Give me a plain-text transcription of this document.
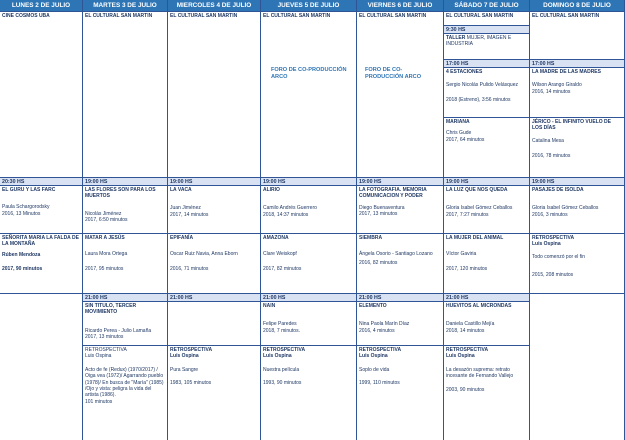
LUNES 2 DE JULIO
CINE COSMOS UBA
20:30 HS
EL GURU Y LAS FARC
Paula Schargorodsky
2016, 13 Minutos
SEÑORITA MARIA LA FALDA DE LA MONTAÑA
Rúben Mendoza
2017, 90 minutos
MARTES 3 DE JULIO
EL CULTURAL SAN MARTIN
19:00 HS
LAS FLORES SON PARA LOS MUERTOS
Nicolás Jiménez
2017, 6:50 minutos
MATAR A JESÚS
Laura Mora Ortega
2017, 95 minutos
21:00 HS
SIN TITULO, TERCER MOVIMIENTO
Ricardo Perea - Julio Lamaña
2017, 13 minutos
RETROSPECTIVA
Luis Ospina
Acto de fe (Redux) (1970/2017) / Oiga vea (1972)/ Agarrando pueblo (1978)/ En busca de "María" (1985) /Ojo y vista: peligra la vida del artista (1986).
101 minutos
MIERCOLES 4 DE JULIO
EL CULTURAL SAN MARTIN
19:00 HS
LA VACA
Juan Jiménez
2017, 14 minutos
EPIFANÍA
Oscar Ruiz Navia, Anna Eborn
2016, 71 minutos
21:00 HS
RETROSPECTIVA
Luis Ospina
Pura Sangre
1983, 105 minutos
JUEVES 5 DE JULIO
EL CULTURAL SAN MARTIN
FORO DE CO-PRODUCCIÓN ARCO
19:00 HS
ALIRIO
Camilo Andrés Guerrero
2018, 14:37 minutos
AMAZONA
Clare Weiskopf
2017, 82 minutos
21:00 HS
NAIN
Felipe Paredes
2018, 7 minutos.
RETROSPECTIVA
Luis Ospina
Nuestra película
1993, 90 minutos
VIERNES 6 DE JULIO
EL CULTURAL SAN MARTIN
FORO DE CO-PRODUCCIÓN ARCO
19:00 HS
LA FOTOGRAFIA. MEMORIA COMUNICACION Y PODER
Diego Buenaventura
2017, 13 minutos
SIEMBRA
Ángela Osorio - Santiago Lozano
2016, 82 minutos
21:00 HS
ELEMENTO
Nina Paola Marín Díaz
2016, 4 minutos
RETROSPECTIVA
Luis Ospina
Soplo de vida
1999, 110 minutos
SÁBADO 7 DE JULIO
EL CULTURAL SAN MARTIN
9:30 HS
TALLER MUJER, IMAGEN E INDUSTRIA
17:00 HS
4 ESTACIONES
Sergio Nicolás Pulido Velásquez
2018 (Estreno), 3:56 minutos
MARIANA
Chris Gude
2017, 64 minutos
19:00 HS
LA LUZ QUE NOS QUEDA
Gloria Isabel Gómez Ceballos
2017, 7:27 minutos
LA MUJER DEL ANIMAL
Víctor Gaviria
2017, 120 minutos
21:00 HS
HUEVITOS AL MICRONDAS
Daniela Castillo Mejía
2018, 14 minutos
RETROSPECTIVA
Luis Ospina
La desazón suprema: retrato incesante de Fernando Vallejo
2003, 90 minutos
DOMINGO 8 DE JULIO
EL CULTURAL SAN MARTIN
17:00 HS
LA MADRE DE LAS MADRES
Wilson Arango Giraldo
2016, 14 minutos
JÉRICO - EL INFINITO VUELO DE LOS DÍAS
Catalina Mesa
2016, 78 minutos
19:00 HS
PASAJES DE ISOLDA
Gloria Isabel Gómez Ceballos
2016, 3 minutos
RETROSPECTIVA
Luis Ospina
Todo comenzó por el fin
2015, 208 minutos
